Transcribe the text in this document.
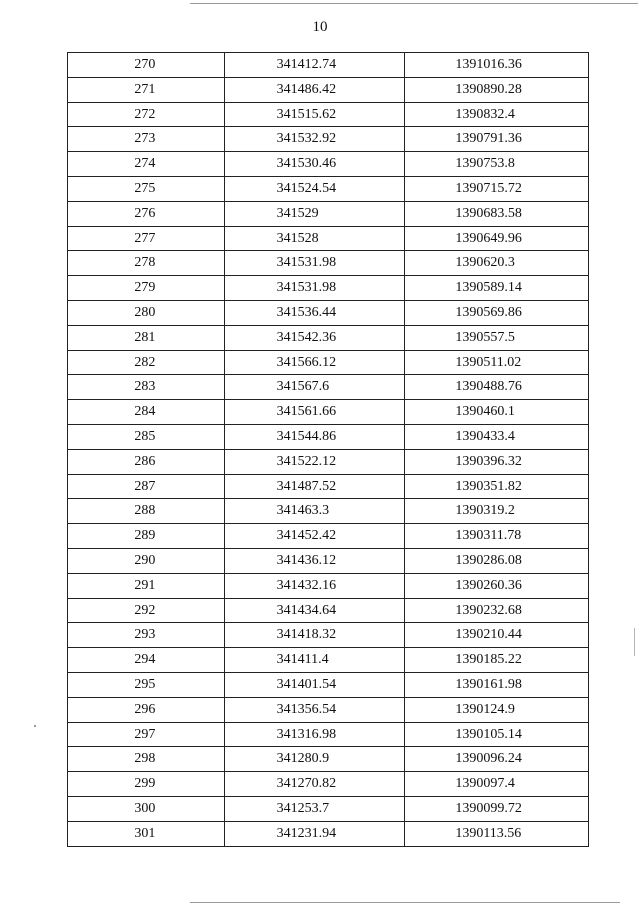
10
270	341412.74	1391016.36
271	341486.42	1390890.28
272	341515.62	1390832.4
273	341532.92	1390791.36
274	341530.46	1390753.8
275	341524.54	1390715.72
276	341529	1390683.58
277	341528	1390649.96
278	341531.98	1390620.3
279	341531.98	1390589.14
280	341536.44	1390569.86
281	341542.36	1390557.5
282	341566.12	1390511.02
283	341567.6	1390488.76
284	341561.66	1390460.1
285	341544.86	1390433.4
286	341522.12	1390396.32
287	341487.52	1390351.82
288	341463.3	1390319.2
289	341452.42	1390311.78
290	341436.12	1390286.08
291	341432.16	1390260.36
292	341434.64	1390232.68
293	341418.32	1390210.44
294	341411.4	1390185.22
295	341401.54	1390161.98
296	341356.54	1390124.9
297	341316.98	1390105.14
298	341280.9	1390096.24
299	341270.82	1390097.4
300	341253.7	1390099.72
301	341231.94	1390113.56
